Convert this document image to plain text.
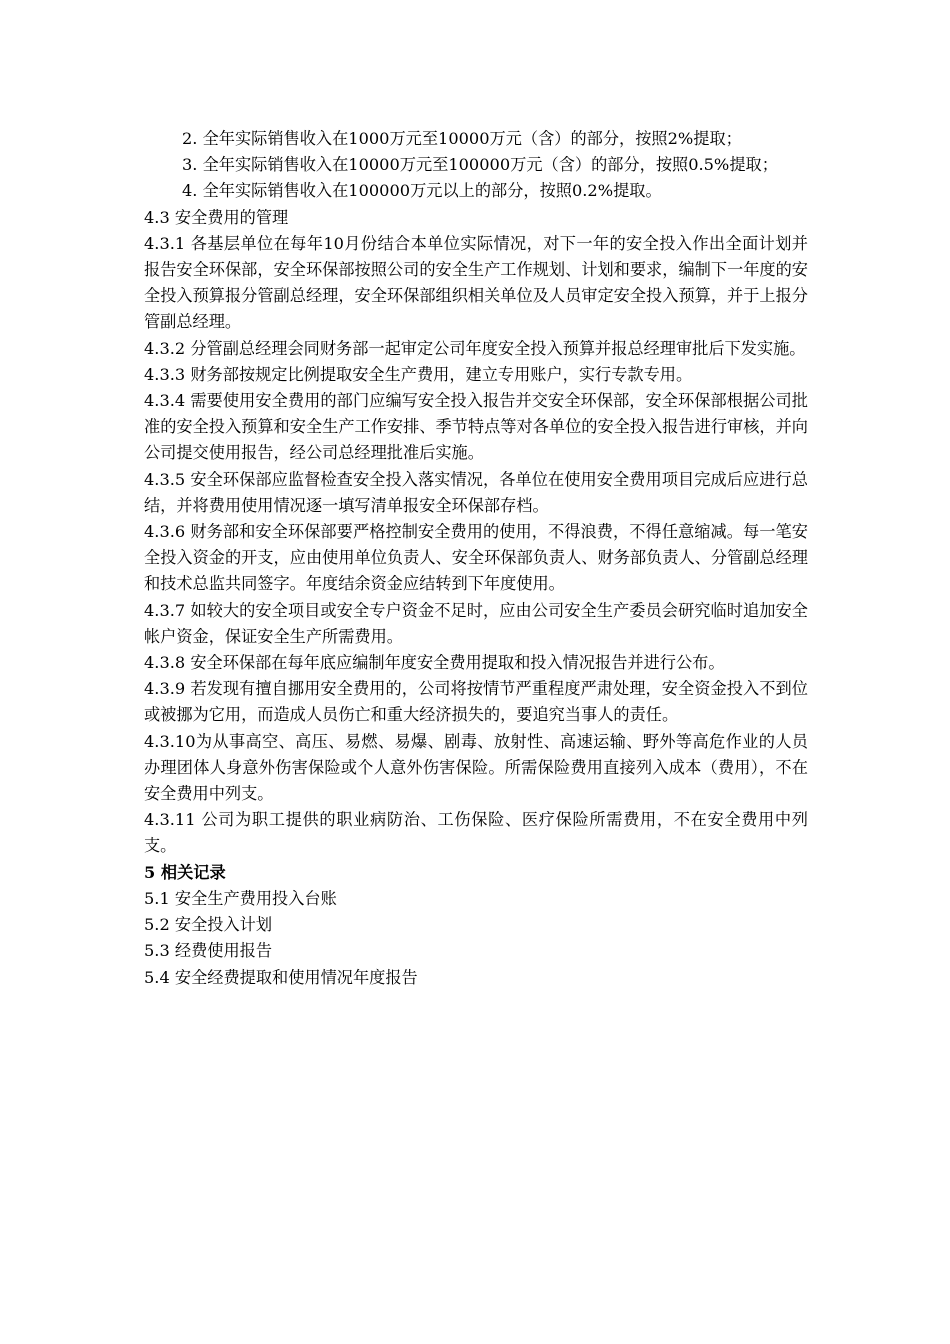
2. 全年实际销售收入在1000万元至10000万元（含）的部分，按照2%提取；

3. 全年实际销售收入在10000万元至100000万元（含）的部分，按照0.5%提取；

4. 全年实际销售收入在100000万元以上的部分，按照0.2%提取。

4.3 安全费用的管理

4.3.1 各基层单位在每年10月份结合本单位实际情况，对下一年的安全投入作出全面计划并报告安全环保部，安全环保部按照公司的安全生产工作规划、计划和要求，编制下一年度的安全投入预算报分管副总经理，安全环保部组织相关单位及人员审定安全投入预算，并于上报分管副总经理。

4.3.2 分管副总经理会同财务部一起审定公司年度安全投入预算并报总经理审批后下发实施。

4.3.3 财务部按规定比例提取安全生产费用，建立专用账户，实行专款专用。

4.3.4 需要使用安全费用的部门应编写安全投入报告并交安全环保部，安全环保部根据公司批准的安全投入预算和安全生产工作安排、季节特点等对各单位的安全投入报告进行审核，并向公司提交使用报告，经公司总经理批准后实施。

4.3.5 安全环保部应监督检查安全投入落实情况，各单位在使用安全费用项目完成后应进行总结，并将费用使用情况逐一填写清单报安全环保部存档。

4.3.6 财务部和安全环保部要严格控制安全费用的使用，不得浪费，不得任意缩减。每一笔安全投入资金的开支，应由使用单位负责人、安全环保部负责人、财务部负责人、分管副总经理和技术总监共同签字。年度结余资金应结转到下年度使用。

4.3.7 如较大的安全项目或安全专户资金不足时，应由公司安全生产委员会研究临时追加安全帐户资金，保证安全生产所需费用。

4.3.8 安全环保部在每年底应编制年度安全费用提取和投入情况报告并进行公布。

4.3.9 若发现有擅自挪用安全费用的，公司将按情节严重程度严肃处理，安全资金投入不到位或被挪为它用，而造成人员伤亡和重大经济损失的，要追究当事人的责任。

4.3.10为从事高空、高压、易燃、易爆、剧毒、放射性、高速运输、野外等高危作业的人员办理团体人身意外伤害保险或个人意外伤害保险。所需保险费用直接列入成本（费用），不在安全费用中列支。

4.3.11 公司为职工提供的职业病防治、工伤保险、医疗保险所需费用，不在安全费用中列支。

5 相关记录

5.1 安全生产费用投入台账

5.2 安全投入计划

5.3 经费使用报告

5.4 安全经费提取和使用情况年度报告
